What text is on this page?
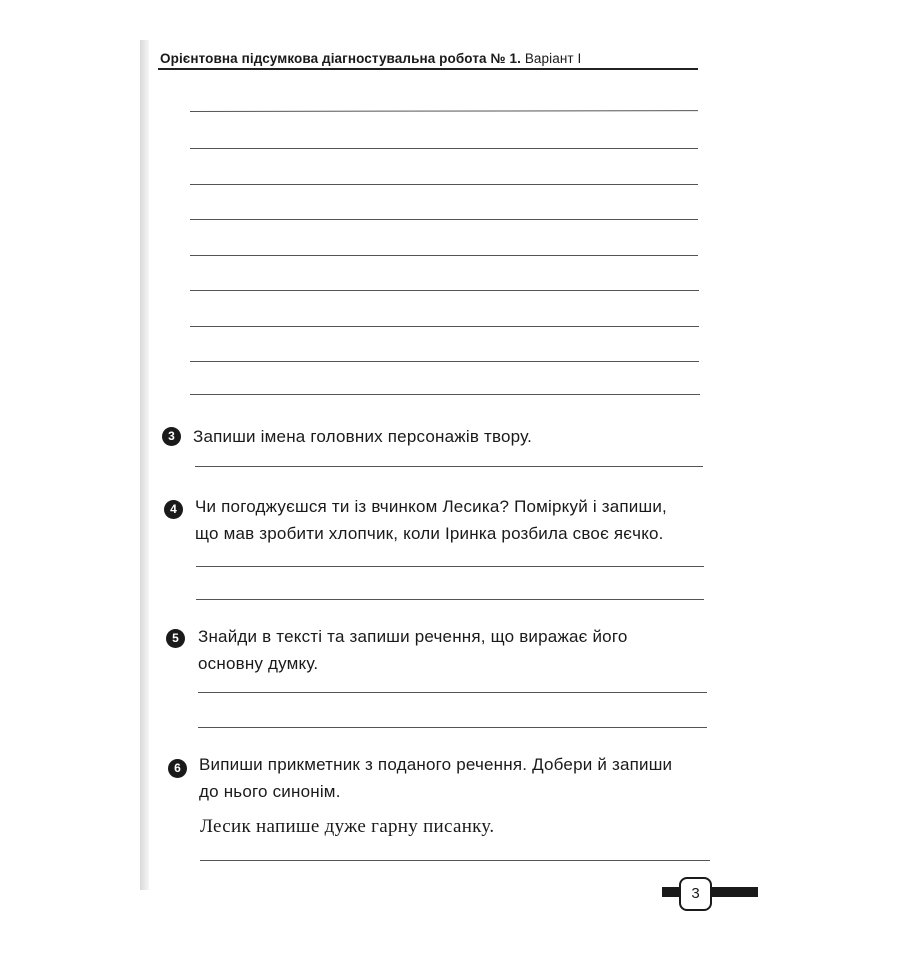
Орієнтовна підсумкова діагностувальна робота № 1. Варіант І
3	Запиши імена головних персонажів твору.
4	Чи погоджуєшся ти із вчинком Лесика? Поміркуй і запиши,
що мав зробити хлопчик, коли Іринка розбила своє яєчко.
5	Знайди в тексті та запиши речення, що виражає його
основну думку.
6	Випиши прикметник з поданого речення. Добери й запиши
до нього синонім.
Лесик напише дуже гарну писанку.
3
